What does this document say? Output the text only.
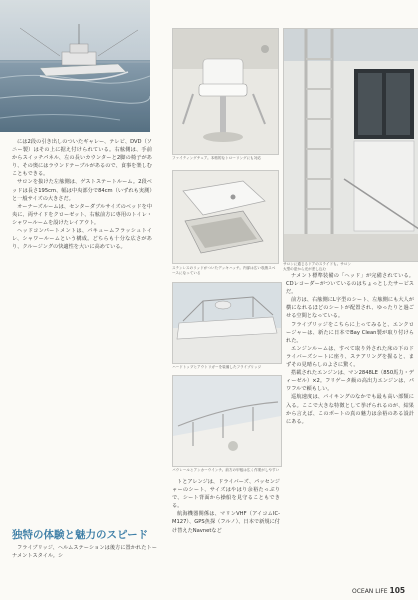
ファイティングチェア。本格的なトローリングにも対応
サロンに通じるドアのスライドも。サロン大型の窓から光が差し込む
ステンレスのリッドがついたデッキハッチ。内部は広い収納スペースになっている
ハードトップとアウトリガーを装備したフライブリッジ
バウレールとアンカーウインチ。前方の甲板は広く作業がしやすい

には2段の引き出しのついたギャレー、テレビ、DVD（ソニー製）はその上に据え付けられている。右舷側は、手前からスイッチパネル、左の長いカウンターと2脚の椅子があり、その奥にはラウンドテーブルがあるので、食事を楽しむこともできる。

サロンを抜けた左舷側は、ゲストステートルーム。2段ベッドは長さ195cm、幅は中央部分で84cm（いずれも実測）と一般サイズの大きさだ。

オーナーズルームは、センターダブルサイズのベッドを中央に、両サイドをクローゼット、右舷前方に専用のトイレ・シャワールームを設けたレイアウト。

ヘッドコンパートメントは、バキュームフラッシュトイレ、シャワールームという構成。どちらも十分な広さがあり、クルージングの快適性を大いに高めている。

独特の体験と魅力のスピード

フライブリッジ、ヘルムステーションは後方に置かれたトーナメントスタイル。シ

トとアレンジは、ドライバーズ、パッセンジャーのシート、サイズはやはり余裕たっぷりで、シート背面から操船を見守ることもできる。

航海機器関係は、マリンVHF（アイコムIC-M127）、GPS魚探（フルノ）、日本で新規に付け替えたNavnetなど

ナメント標準装備の「ヘッド」が完備されている。CDレコーダーがついているのはちょっとしたサービスだ。

前方は、右舷側にL字型のシート、左舷側にも大人が横になれるほどのシートが配置され、ゆったりと過ごせる空間となっている。

フライブリッジをこちらに上ってみると、エンクロージャーは、新たに日本でBay Clean製が取り付けられた。

エンジンルームは、すべて取り外された床の下のドライバーズシートに座り、ステアリングを握ると、まずその見晴らしのよさに驚く。

搭載されたエンジンは、マン2848LE（850馬力・ディーゼル）×2。フリゲータ級の高出力エンジンは、パワフルで頼もしい。

巡航速度は、バイキングのなかでも最も高い部類に入る。ここで大きな特徴として挙げられるのが、結果から言えば、このボートの真の魅力は余裕のある設計にある。

OCEAN LIFE 105
